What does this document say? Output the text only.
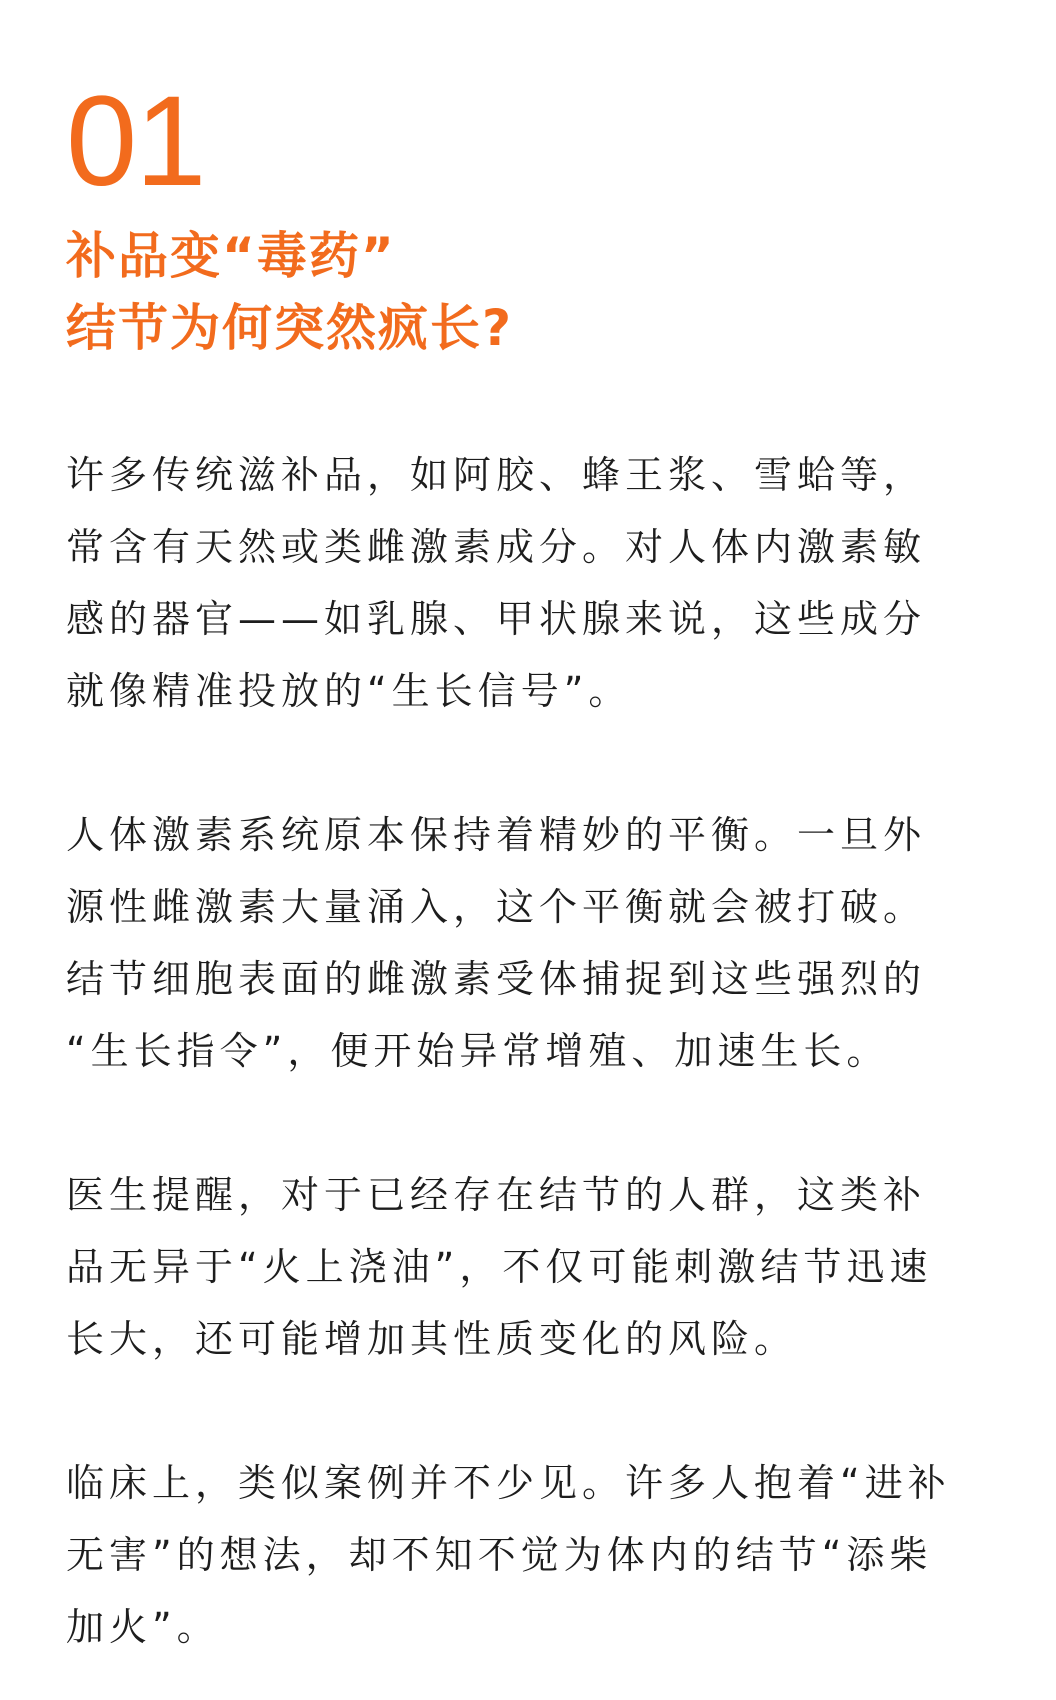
01
补品变“毒药”
结节为何突然疯长?

许多传统滋补品，如阿胶、蜂王浆、雪蛤等，
常含有天然或类雌激素成分。对人体内激素敏
感的器官——如乳腺、甲状腺来说，这些成分
就像精准投放的“生长信号”。

人体激素系统原本保持着精妙的平衡。一旦外
源性雌激素大量涌入，这个平衡就会被打破。
结节细胞表面的雌激素受体捕捉到这些强烈的
“生长指令”，便开始异常增殖、加速生长。

医生提醒，对于已经存在结节的人群，这类补
品无异于“火上浇油”，不仅可能刺激结节迅速
长大，还可能增加其性质变化的风险。

临床上，类似案例并不少见。许多人抱着“进补
无害”的想法，却不知不觉为体内的结节“添柴
加火”。
